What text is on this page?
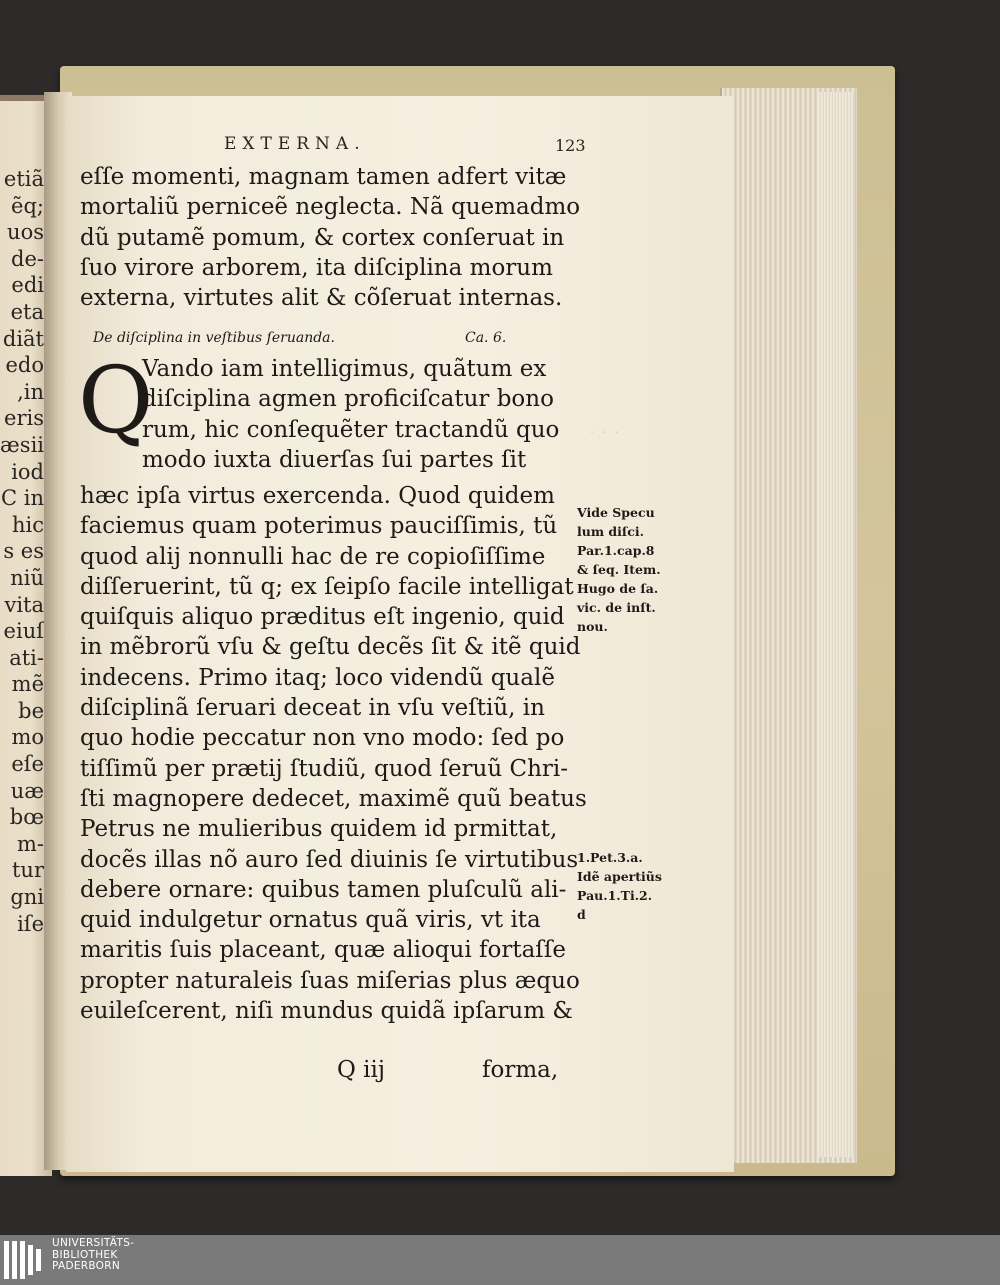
etiã
ẽq;
uos
de-
edi
eta
diãt
edo
,in
eris
æsii
iod
C in
hic
s es
niũ
vita
eiuſ
ati-
mẽ
be
mo
eſe
uæ
bœ
m-
tur
gni
iſe
. . .
EXTERNA.	123
eſſe momenti, magnam tamen adfert vitæ
mortaliũ perniceẽ neglecta. Nã quemadmo
dũ putamẽ pomum, & cortex conſeruat in
ſuo virore arborem, ita diſciplina morum
externa, virtutes alit & cõſeruat internas.
De diſciplina in veſtibus ſeruanda.	Ca. 6.
Q
Vando iam intelligimus, quãtum ex
diſciplina agmen proficiſcatur bono
rum, hic conſequẽter tractandũ quo
modo iuxta diuerſas ſui partes ſit
hæc ipſa virtus exercenda. Quod quidem
faciemus quam poterimus pauciſſimis, tũ
quod alij nonnulli hac de re copioſiſſime
diſſeruerint, tũ q; ex ſeipſo facile intelligat
quiſquis aliquo præditus eſt ingenio, quid
in mẽbrorũ vſu & geſtu decẽs ſit & itẽ quid
indecens. Primo itaq; loco videndũ qualẽ
diſciplinã ſeruari deceat in vſu veſtiũ, in
quo hodie peccatur non vno modo: ſed po
tiſſimũ per prætij ſtudiũ, quod ſeruũ Chri-
ſti magnopere dedecet, maximẽ quũ beatus
Petrus ne mulieribus quidem id prmittat,
docẽs illas nõ auro ſed diuinis ſe virtutibus
debere ornare: quibus tamen pluſculũ ali-
quid indulgetur ornatus quã viris, vt ita
maritis ſuis placeant, quæ alioqui fortaſſe
propter naturaleis ſuas miſerias plus æquo
euileſcerent, niſi mundus quidã ipſarum &
Vide Specu
lum diſci.
Par.1.cap.8
& ſeq. Item.
Hugo de ſa.
vic. de inſt.
nou.
1.Pet.3.a.
Idẽ apertiũs
Pau.1.Ti.2.
d
Q iij	forma,
UNIVERSITÄTS-
BIBLIOTHEK
PADERBORN
